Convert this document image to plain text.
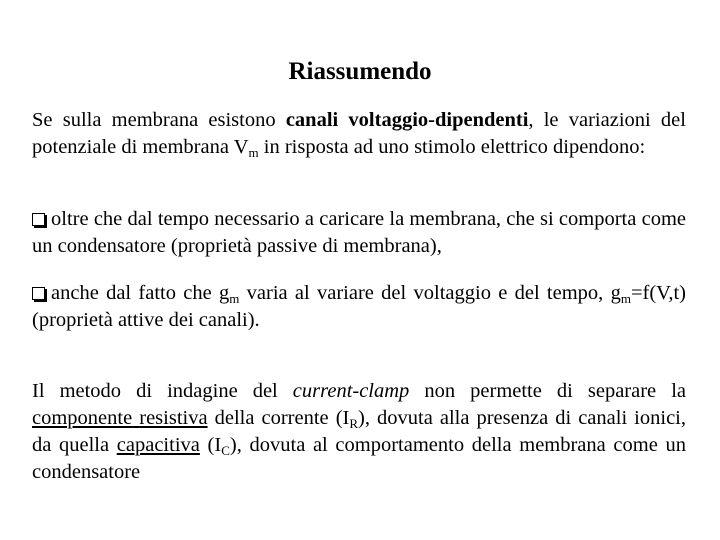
Riassumendo
Se sulla membrana esistono canali voltaggio-dipendenti, le variazioni del potenziale di membrana $V_m$ in risposta ad uno stimolo elettrico dipendono:
oltre che dal tempo necessario a caricare la membrana, che si comporta come un condensatore (proprietà passive di membrana),
anche dal fatto che $g_m$ varia al variare del voltaggio e del tempo, $g_m=f(V,t)$ (proprietà attive dei canali).
Il metodo di indagine del current-clamp non permette di separare la componente resistiva della corrente $(I_R)$, dovuta alla presenza di canali ionici, da quella capacitiva $(I_C)$, dovuta al comportamento della membrana come un condensatore
